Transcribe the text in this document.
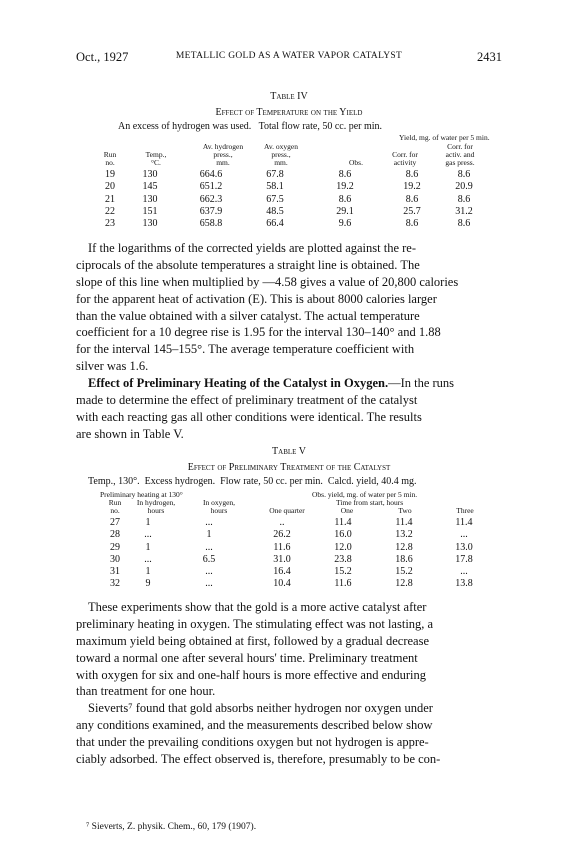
Oct., 1927	METALLIC GOLD AS A WATER VAPOR CATALYST	2431
Table IV
Effect of Temperature on the Yield
An excess of hydrogen was used.   Total flow rate, 50 cc. per min.
Yield, mg. of water per 5 min.
Run
no.
Temp.,
°C.
Av. hydrogen
press.,
mm.
Av. oxygen
press.,
mm.	Obs.
Corr. for
activity
Corr. for
activ. and
gas press.
19	130	664.6	67.8	8.6	8.6	8.6
20	145	651.2	58.1	19.2	19.2	20.9
21	130	662.3	67.5	8.6	8.6	8.6
22	151	637.9	48.5	29.1	25.7	31.2
23	130	658.8	66.4	9.6	8.6	8.6
If the logarithms of the corrected yields are plotted against the re-
ciprocals of the absolute temperatures a straight line is obtained. The
slope of this line when multiplied by —4.58 gives a value of 20,800 calories
for the apparent heat of activation (E). This is about 8000 calories larger
than the value obtained with a silver catalyst. The actual temperature
coefficient for a 10 degree rise is 1.95 for the interval 130–140° and 1.88
for the interval 145–155°. The average temperature coefficient with
silver was 1.6.
Effect of Preliminary Heating of the Catalyst in Oxygen.—In the runs
made to determine the effect of preliminary treatment of the catalyst
with each reacting gas all other conditions were identical. The results
are shown in Table V.
Table V
Effect of Preliminary Treatment of the Catalyst
Temp., 130°.  Excess hydrogen.  Flow rate, 50 cc. per min.  Calcd. yield, 40.4 mg.
Preliminary heating at 130°	Obs. yield, mg. of water per 5 min.
Time from start, hours
Run
no.
In hydrogen,
hours
In oxygen,
hours	One quarter	One	Two	Three
27	1	...	..	11.4	11.4	11.4
28	...	1	26.2	16.0	13.2	...
29	1	...	11.6	12.0	12.8	13.0
30	...	6.5	31.0	23.8	18.6	17.8
31	1	...	16.4	15.2	15.2	...
32	9	...	10.4	11.6	12.8	13.8
These experiments show that the gold is a more active catalyst after
preliminary heating in oxygen. The stimulating effect was not lasting, a
maximum yield being obtained at first, followed by a gradual decrease
toward a normal one after several hours' time. Preliminary treatment
with oxygen for six and one-half hours is more effective and enduring
than treatment for one hour.
Sieverts⁷ found that gold absorbs neither hydrogen nor oxygen under
any conditions examined, and the measurements described below show
that under the prevailing conditions oxygen but not hydrogen is appre-
ciably adsorbed. The effect observed is, therefore, presumably to be con-
⁷ Sieverts, Z. physik. Chem., 60, 179 (1907).
